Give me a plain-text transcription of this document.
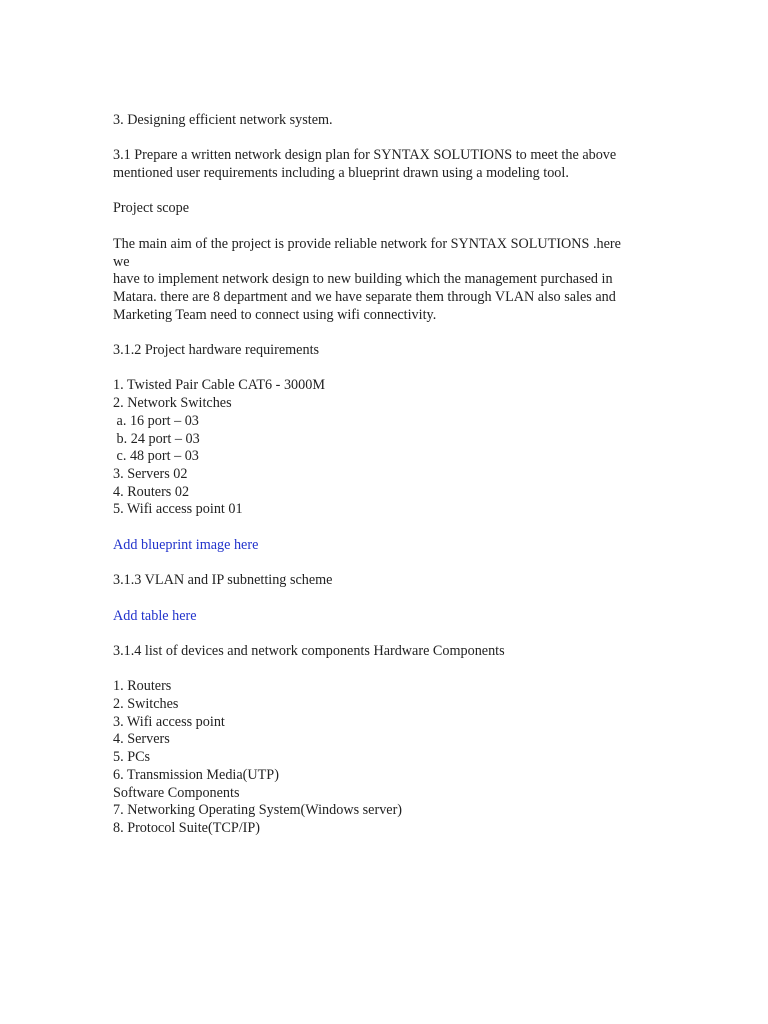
3. Designing efficient network system.

3.1 Prepare a written network design plan for SYNTAX SOLUTIONS to meet the above
mentioned user requirements including a blueprint drawn using a modeling tool.

Project scope

The main aim of the project is provide reliable network for SYNTAX SOLUTIONS .here
we
have to implement network design to new building which the management purchased in
Matara. there are 8 department and we have separate them through VLAN also sales and
Marketing Team need to connect using wifi connectivity.

3.1.2 Project hardware requirements

1. Twisted Pair Cable CAT6 - 3000M
2. Network Switches
a. 16 port – 03
b. 24 port – 03
c. 48 port – 03
3. Servers 02
4. Routers 02
5. Wifi access point 01

Add blueprint image here

3.1.3 VLAN and IP subnetting scheme

Add table here

3.1.4 list of devices and network components Hardware Components

1. Routers
2. Switches
3. Wifi access point
4. Servers
5. PCs
6. Transmission Media(UTP)
Software Components
7. Networking Operating System(Windows server)
8. Protocol Suite(TCP/IP)
